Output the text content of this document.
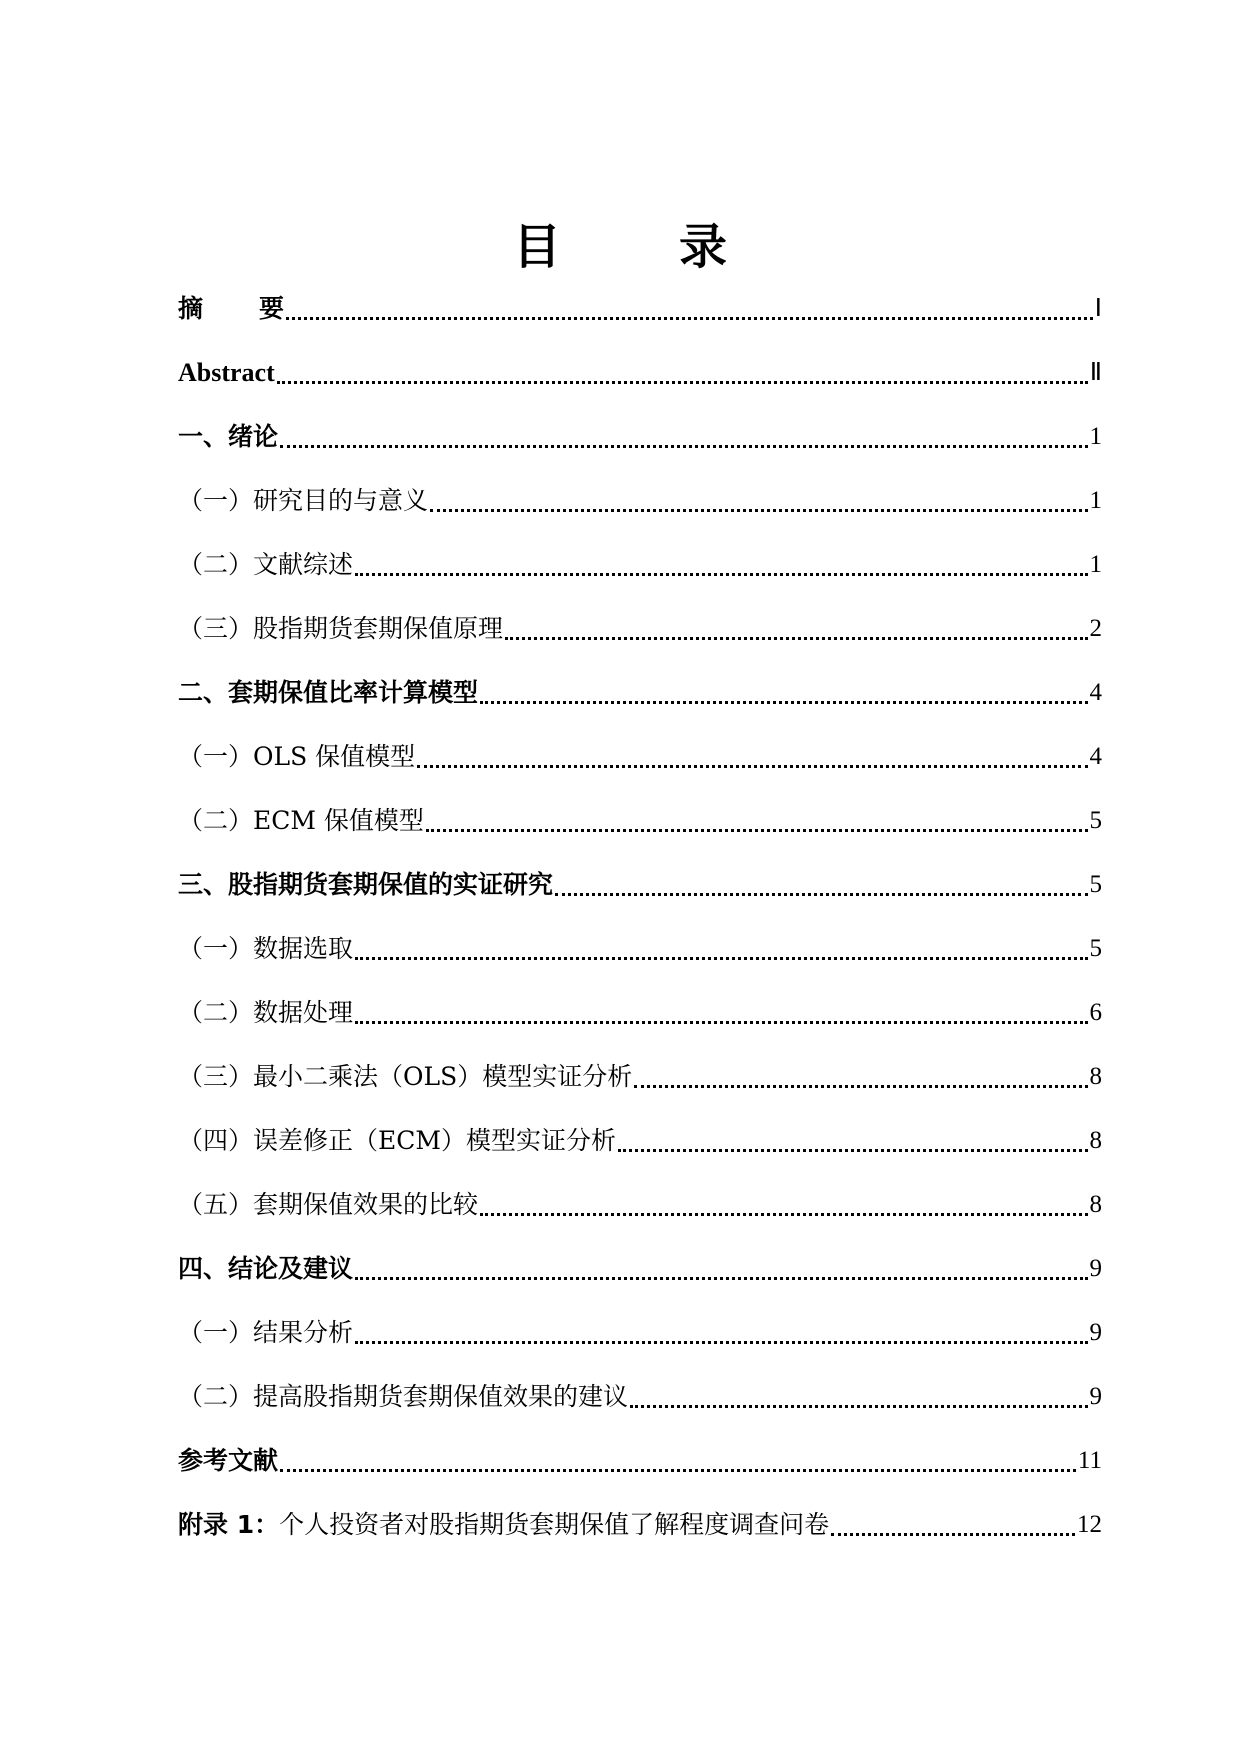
目 录
摘 要	Ⅰ
Abstract	Ⅱ
一、绪论	1
（一）研究目的与意义	1
（二）文献综述	1
（三）股指期货套期保值原理	2
二、套期保值比率计算模型	4
（一）OLS 保值模型	4
（二）ECM 保值模型	5
三、股指期货套期保值的实证研究	5
（一）数据选取	5
（二）数据处理	6
（三）最小二乘法（OLS）模型实证分析	8
（四）误差修正（ECM）模型实证分析	8
（五）套期保值效果的比较	8
四、结论及建议	9
（一）结果分析	9
（二）提高股指期货套期保值效果的建议	9
参考文献	11
附录 1：个人投资者对股指期货套期保值了解程度调查问卷	12
